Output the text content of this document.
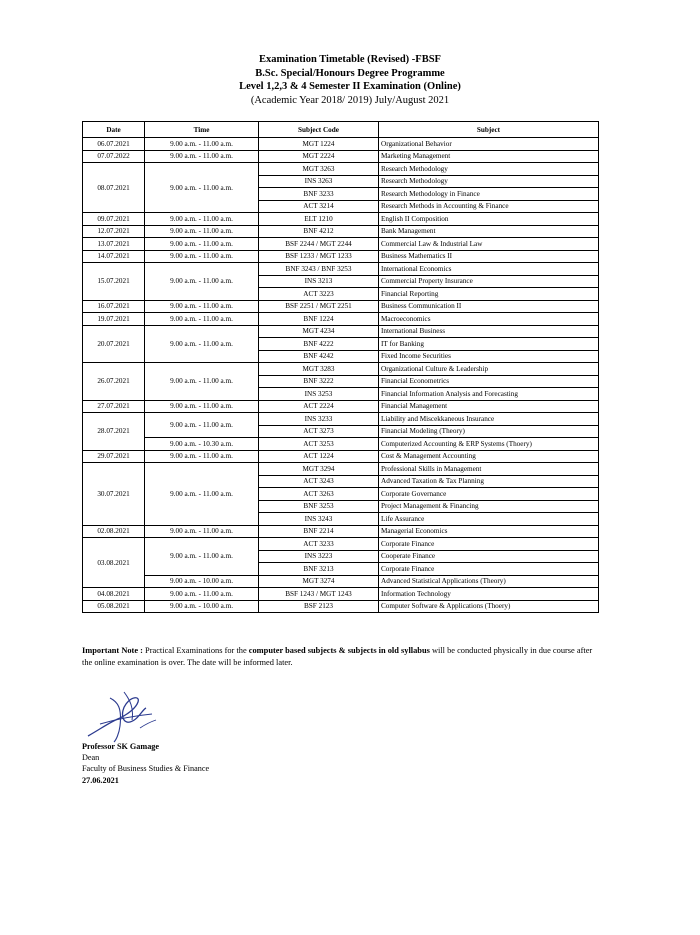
Examination Timetable (Revised) -FBSF
B.Sc. Special/Honours Degree Programme
Level 1,2,3 & 4 Semester II Examination (Online)
(Academic Year 2018/ 2019) July/August 2021
Date	Time	Subject Code	Subject
06.07.2021	9.00 a.m. - 11.00 a.m.	MGT 1224	Organizational Behavior
07.07.2022	9.00 a.m. - 11.00 a.m.	MGT 2224	Marketing Management
08.07.2021	9.00 a.m. - 11.00 a.m.	MGT 3263	Research Methodology
		INS 3263	Research Methodology
		BNF 3233	Research Methodology in Finance
		ACT 3214	Research Methods in Accounting & Finance
09.07.2021	9.00 a.m. - 11.00 a.m.	ELT 1210	English II Composition
12.07.2021	9.00 a.m. - 11.00 a.m.	BNF 4212	Bank Management
13.07.2021	9.00 a.m. - 11.00 a.m.	BSF 2244 / MGT 2244	Commercial Law & Industrial Law
14.07.2021	9.00 a.m. - 11.00 a.m.	BSF 1233 / MGT 1233	Business Mathematics II
15.07.2021	9.00 a.m. - 11.00 a.m.	BNF 3243 / BNF 3253	International Economics
		INS 3213	Commercial Property Insurance
		ACT 3223	Financial Reporting
16.07.2021	9.00 a.m. - 11.00 a.m.	BSF 2251 / MGT 2251	Business Communication II
19.07.2021	9.00 a.m. - 11.00 a.m.	BNF 1224	Macroeconomics
20.07.2021	9.00 a.m. - 11.00 a.m.	MGT 4234	International Business
		BNF 4222	IT for Banking
		BNF 4242	Fixed Income Securities
26.07.2021	9.00 a.m. - 11.00 a.m.	MGT 3283	Organizational Culture & Leadership
		BNF 3222	Financial Econometrics
		INS 3253	Financial Information Analysis and Forecasting
27.07.2021	9.00 a.m. - 11.00 a.m.	ACT 2224	Financial Management
28.07.2021	9.00 a.m. - 11.00 a.m.	INS 3233	Liability and Miscekkaneous Insurance
		ACT 3273	Financial Modeling (Theory)
	9.00 a.m. - 10.30 a.m.	ACT 3253	Computerized Accounting & ERP Systems (Thoery)
29.07.2021	9.00 a.m. - 11.00 a.m.	ACT 1224	Cost & Management Accounting
30.07.2021	9.00 a.m. - 11.00 a.m.	MGT 3294	Professional Skills in Management
		ACT 3243	Advanced Taxation & Tax Planning
		ACT 3263	Corporate Governance
		BNF 3253	Project Management & Financing
		INS 3243	Life Assurance
02.08.2021	9.00 a.m. - 11.00 a.m.	BNF 2214	Managerial Economics
03.08.2021	9.00 a.m. - 11.00 a.m.	ACT 3233	Corporate Finance
		INS 3223	Cooperate Finance
		BNF 3213	Corporate Finance
	9.00 a.m. - 10.00 a.m.	MGT 3274	Advanced Statistical Applications (Theory)
04.08.2021	9.00 a.m. - 11.00 a.m.	BSF 1243 / MGT 1243	Information Technology
05.08.2021	9.00 a.m. - 10.00 a.m.	BSF 2123	Computer Software & Applications (Thoery)
Important Note : Practical Examinations for the computer based subjects & subjects in old syllabus will be conducted physically in due course after the online examination is over. The date will be informed later.
Professor SK Gamage
Dean
Faculty of Business Studies & Finance
27.06.2021
